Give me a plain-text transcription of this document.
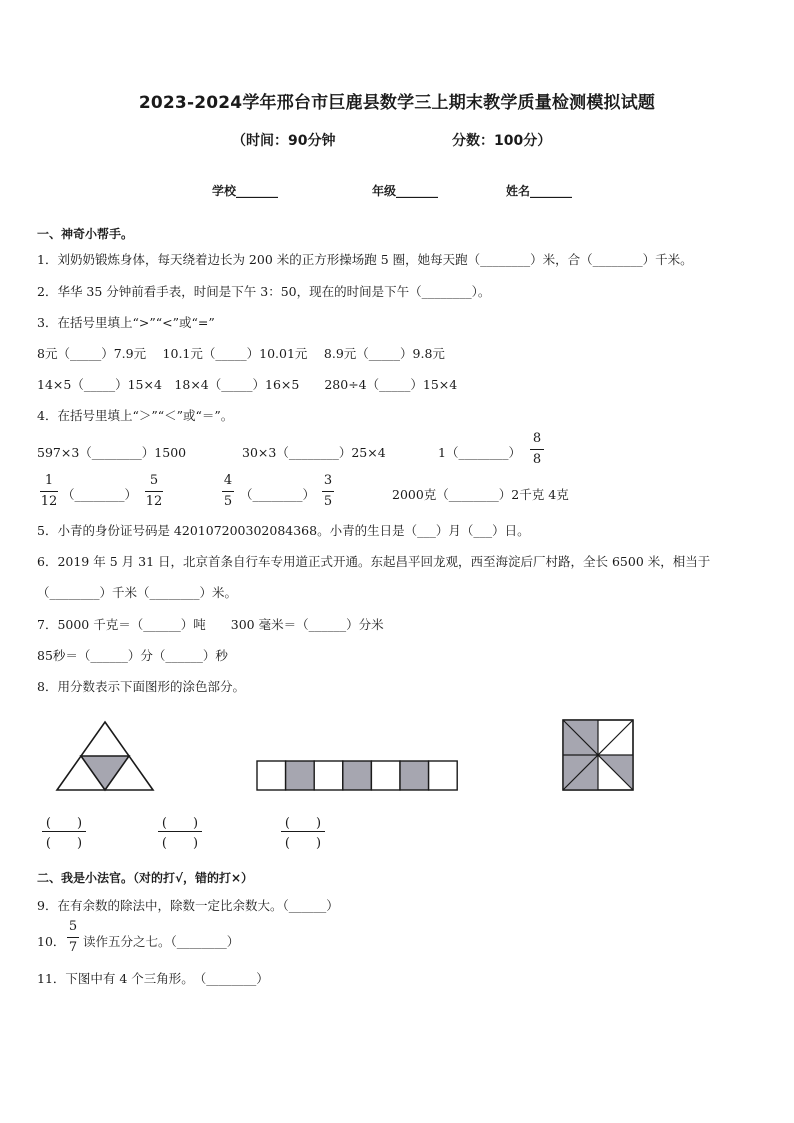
2023-2024学年邢台市巨鹿县数学三上期末教学质量检测模拟试题
（时间：90分钟	分数：100分）
学校_______	年级_______	姓名_______
一、神奇小帮手。
1．刘奶奶锻炼身体，每天绕着边长为 200 米的正方形操场跑 5 圈，她每天跑（________）米，合（________）千米。
2．华华 35 分钟前看手表，时间是下午 3：50，现在的时间是下午（________）。
3．在括号里填上“>”“<”或“=”
8元（_____）7.9元　 10.1元（_____）10.01元　 8.9元（_____）9.8元
14×5（_____）15×4　18×4（_____）16×5　　280÷4（_____）15×4
4．在括号里填上“＞”“＜”或“＝”。
597×3（________）1500	30×3（________）25×4	1（________）
8
8
1
12 （________）
5
12
4
5 （________）
3
5	2000克（________）2千克 4克
5．小青的身份证号码是 420107200302084368。小青的生日是（___）月（___）日。
6．2019 年 5 月 31 日，北京首条自行车专用道正式开通。东起昌平回龙观，西至海淀后厂村路，全长 6500 米，相当于
（________）千米（________）米。
7．5000 千克＝（______）吨　　300 毫米＝（______）分米
85秒＝（______）分（______）秒
8．用分数表示下面图形的涂色部分。
(　　)
(　　)
(　　)
(　　)
(　　)
(　　)
二、我是小法官。（对的打√，错的打×）
9．在有余数的除法中，除数一定比余数大。（______）
10．
5
7 读作五分之七。（________）
11．下图中有 4 个三角形。　（________）
